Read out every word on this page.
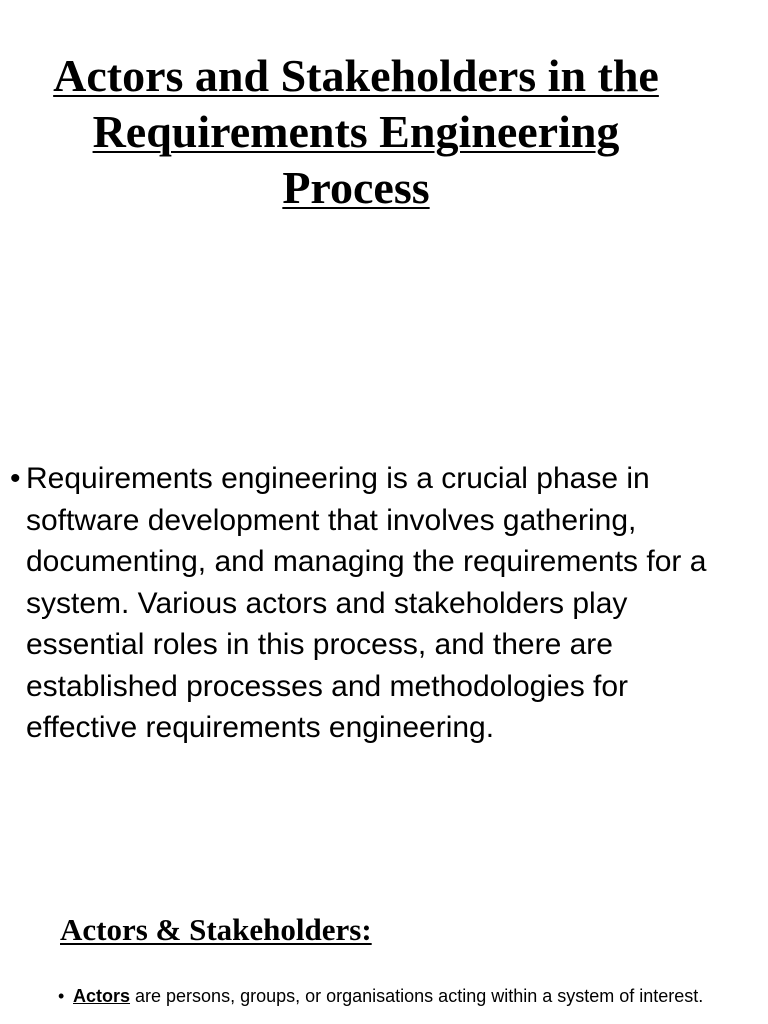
Actors and Stakeholders in the Requirements Engineering Process
• Requirements engineering is a crucial phase in software development that involves gathering, documenting, and managing the requirements for a system. Various actors and stakeholders play essential roles in this process, and there are established processes and methodologies for effective requirements engineering.
Actors & Stakeholders:
• Actors are persons, groups, or organisations acting within a system of interest.
